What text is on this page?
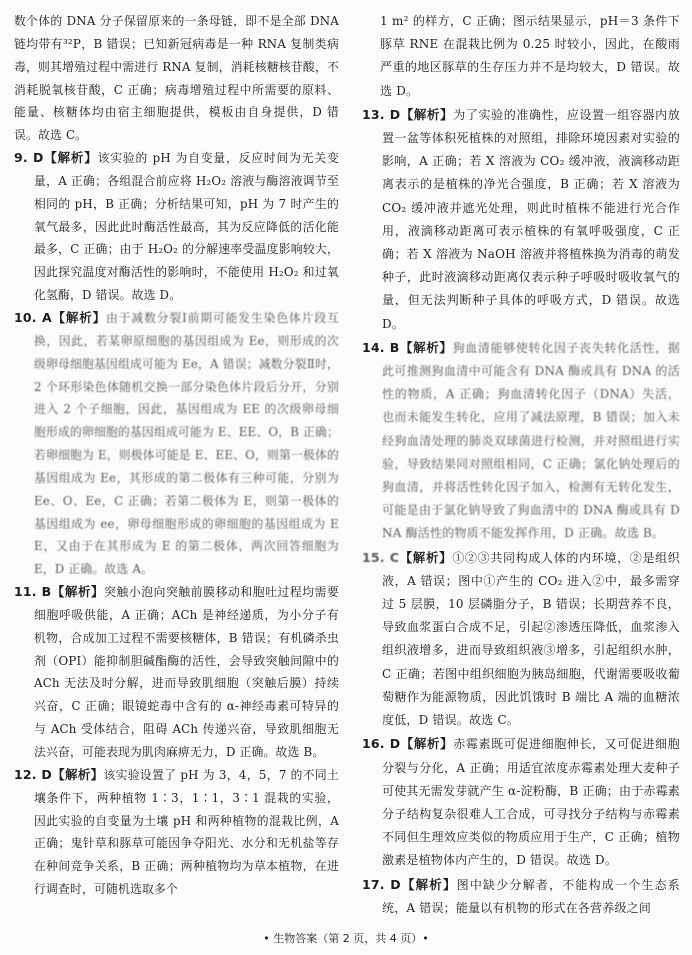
数个体的 DNA 分子保留原来的一条母链，即不是全部 DNA 链均带有³²P，B 错误；已知新冠病毒是一种 RNA 复制类病毒，则其增殖过程中需进行 RNA 复制，消耗核糖核苷酸，不消耗脱氧核苷酸，C 正确；病毒增殖过程中所需要的原料、能量、核糖体均由宿主细胞提供，模板由自身提供，D 错误。故选 C。

9. D【解析】该实验的 pH 为自变量，反应时间为无关变量，A 正确；各组混合前应将 H₂O₂ 溶液与酶溶液调节至相同的 pH，B 正确；分析结果可知，pH 为 7 时产生的氧气最多，因此此时酶活性最高，其为反应降低的活化能最多，C 正确；由于 H₂O₂ 的分解速率受温度影响较大，因此探究温度对酶活性的影响时，不能使用 H₂O₂ 和过氧化氢酶，D 错误。故选 D。

10. A【解析】由于减数分裂Ⅰ前期可能发生染色体片段互换，因此，若某卵原细胞的基因组成为 Ee，则形成的次级卵母细胞基因组成可能为 Ee，A 错误；减数分裂Ⅱ时，2 个环形染色体随机交换一部分染色体片段后分开，分别进入 2 个子细胞，因此，基因组成为 EE 的次级卵母细胞形成的卵细胞的基因组成可能为 E、EE、O，B 正确；若卵细胞为 E，则极体可能是 E、EE、O，则第一极体的基因组成为 Ee，其形成的第二极体有三种可能，分别为 Ee、O、Ee，C 正确；若第二极体为 E，则第一极体的基因组成为 ee，卵母细胞形成的卵细胞的基因组成为 EE，又由于在其形成为 E 的第二极体，两次回答细胞为 E，D 正确。故选 A。

11. B【解析】突触小泡向突触前膜移动和胞吐过程均需要细胞呼吸供能，A 正确；ACh 是神经递质，为小分子有机物，合成加工过程不需要核糖体，B 错误；有机磷杀虫剂（OPI）能抑制胆碱酯酶的活性，会导致突触间隙中的 ACh 无法及时分解，进而导致肌细胞（突触后膜）持续兴奋，C 正确；眼镜蛇毒中含有的 α-神经毒素可特异的与 ACh 受体结合，阻碍 ACh 传递兴奋，导致肌细胞无法兴奋，可能表现为肌肉麻痹无力，D 正确。故选 B。

12. D【解析】该实验设置了 pH 为 3，4，5，7 的不同土壤条件下，两种植物 1∶3，1∶1，3∶1 混栽的实验，因此实验的自变量为土壤 pH 和两种植物的混栽比例，A 正确；鬼针草和豚草可能因争夺阳光、水分和无机盐等存在种间竞争关系，B 正确；两种植物均为草本植物，在进行调查时，可随机选取多个

1 m² 的样方，C 正确；图示结果显示，pH＝3 条件下豚草 RNE 在混栽比例为 0.25 时较小，因此，在酸雨严重的地区豚草的生存压力并不是均较大，D 错误。故选 D。

13. D【解析】为了实验的准确性，应设置一组容器内放置一盆等体积死植株的对照组，排除环境因素对实验的影响，A 正确；若 X 溶液为 CO₂ 缓冲液，液滴移动距离表示的是植株的净光合强度，B 正确；若 X 溶液为 CO₂ 缓冲液并遮光处理，则此时植株不能进行光合作用，液滴移动距离可表示植株的有氧呼吸强度，C 正确；若 X 溶液为 NaOH 溶液并将植株换为消毒的萌发种子，此时液滴移动距离仅表示种子呼吸时吸收氧气的量，但无法判断种子具体的呼吸方式，D 错误。故选 D。

14. B【解析】狗血清能够使转化因子丧失转化活性，据此可推测狗血清中可能含有 DNA 酶或具有 DNA 的活性的物质，A 正确；狗血清转化因子（DNA）失活，也而未能发生转化，应用了减法原理，B 错误；加入未经狗血清处理的肺炎双球菌进行检测，并对照组进行实验，导致结果同对照组相同，C 正确；氯化钠处理后的狗血清，并将活性转化因子加入，检测有无转化发生，可能是由于氯化钠导致了狗血清中的 DNA 酶或具有 DNA 酶活性的物质不能发挥作用，D 正确。故选 B。

15. C【解析】①②③共同构成人体的内环境，②是组织液，A 错误；图中①产生的 CO₂ 进入②中，最多需穿过 5 层膜，10 层磷脂分子，B 错误；长期营养不良，导致血浆蛋白合成不足，引起②渗透压降低，血浆渗入组织液增多，进而导致组织液③增多，引起组织水肿，C 正确；若图中组织细胞为胰岛细胞，代谢需要吸收葡萄糖作为能源物质，因此饥饿时 B 端比 A 端的血糖浓度低，D 错误。故选 C。

16. D【解析】赤霉素既可促进细胞伸长，又可促进细胞分裂与分化，A 正确；用适宜浓度赤霉素处理大麦种子可使其无需发芽就产生 α-淀粉酶，B 正确；由于赤霉素分子结构复杂很难人工合成，可寻找分子结构与赤霉素不同但生理效应类似的物质应用于生产，C 正确；植物激素是植物体内产生的，D 错误。故选 D。

17. D【解析】图中缺少分解者，不能构成一个生态系统，A 错误；能量以有机物的形式在各营养级之间

• 生物答案（第 2 页，共 4 页）•
